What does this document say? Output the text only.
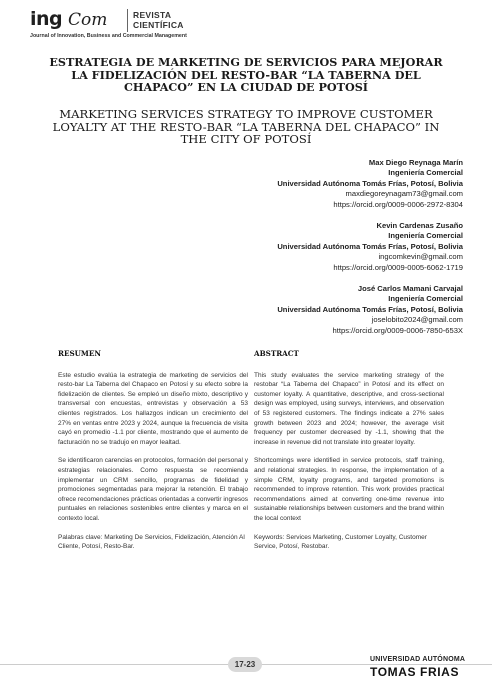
ing Com	REVISTA
CIENTÍFICA
Journal of Innovation, Business and Commercial Management
ESTRATEGIA DE MARKETING DE SERVICIOS PARA MEJORAR LA FIDELIZACIÓN DEL RESTO-BAR “LA TABERNA DEL CHAPACO” EN LA CIUDAD DE POTOSÍ
MARKETING SERVICES STRATEGY TO IMPROVE CUSTOMER LOYALTY AT THE RESTO-BAR “LA TABERNA DEL CHAPACO” IN THE CITY OF POTOSÍ
Max Diego Reynaga Marín
Ingeniería Comercial
Universidad Autónoma Tomás Frías, Potosí, Bolivia
maxdiegoreynagam73@gmail.com
https://orcid.org/0009-0006-2972-8304
Kevin Cardenas Zusaño
Ingeniería Comercial
Universidad Autónoma Tomás Frías, Potosí, Bolivia
ingcomkevin@gmail.com
https://orcid.org/0009-0005-6062-1719
José Carlos Mamani Carvajal
Ingeniería Comercial
Universidad Autónoma Tomás Frías, Potosí, Bolivia
joselobito2024@gmail.com
https://orcid.org/0009-0006-7850-653X
RESUMEN

Este estudio evalúa la estrategia de marketing de servicios del resto-bar La Taberna del Chapaco en Potosí y su efecto sobre la fidelización de clientes. Se empleó un diseño mixto, descriptivo y transversal con encuestas, entrevistas y observación a 53 clientes registrados. Los hallazgos indican un crecimiento del 27% en ventas entre 2023 y 2024, aunque la frecuencia de visita cayó en promedio -1.1 por cliente, mostrando que el aumento de facturación no se tradujo en mayor lealtad.

Se identificaron carencias en protocolos, formación del personal y estrategias relacionales. Como respuesta se recomienda implementar un CRM sencillo, programas de fidelidad y promociones segmentadas para mejorar la retención. El trabajo ofrece recomendaciones prácticas orientadas a convertir ingresos puntuales en relaciones sostenibles entre clientes y marca en el contexto local.

Palabras clave: Marketing De Servicios, Fidelización, Atención Al Cliente, Potosí, Resto-Bar.

ABSTRACT

This study evaluates the service marketing strategy of the restobar “La Taberna del Chapaco” in Potosí and its effect on customer loyalty. A quantitative, descriptive, and cross-sectional design was employed, using surveys, interviews, and observation of 53 registered customers. The findings indicate a 27% sales growth between 2023 and 2024; however, the average visit frequency per customer decreased by -1.1, showing that the increase in revenue did not translate into greater loyalty.

Shortcomings were identified in service protocols, staff training, and relational strategies. In response, the implementation of a simple CRM, loyalty programs, and targeted promotions is recommended to improve retention. This work provides practical recommendations aimed at converting one-time revenue into sustainable relationships between customers and the brand within the local context

Keywords: Services Marketing, Customer Loyalty, Customer Service, Potosí, Restobar.

17-23
UNIVERSIDAD AUTÓNOMA
TOMAS FRIAS
